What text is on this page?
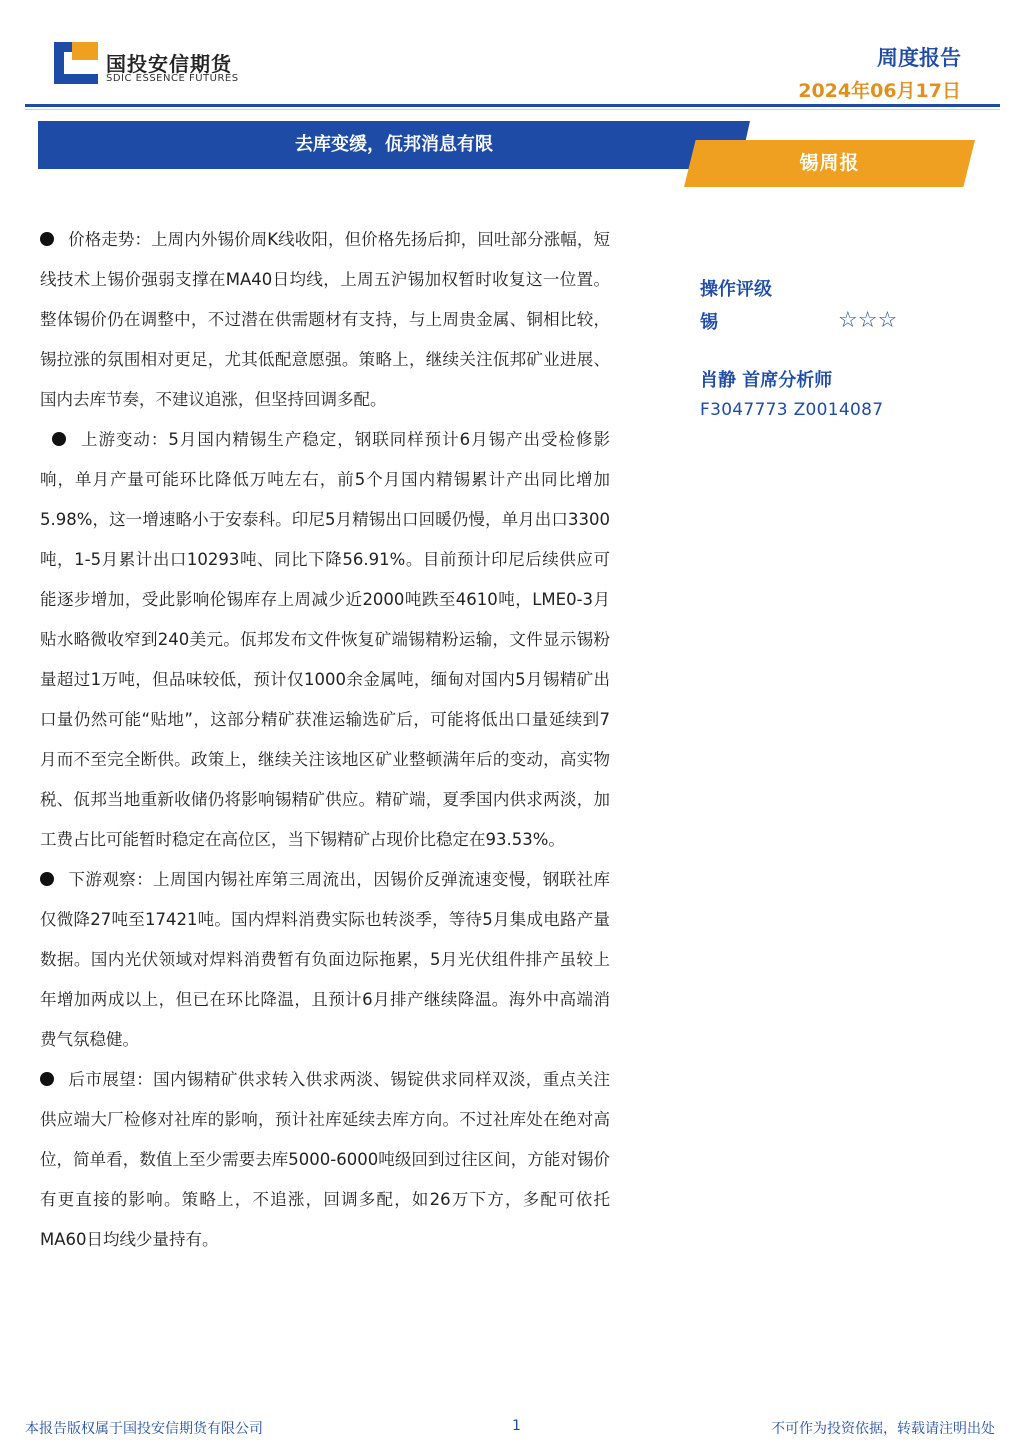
国投安信期货
SDIC ESSENCE FUTURES
周度报告
2024年06月17日
去库变缓，佤邦消息有限
锡周报

价格走势：上周内外锡价周K线收阳，但价格先扬后抑，回吐部分涨幅，短线技术上锡价强弱支撑在MA40日均线，上周五沪锡加权暂时收复这一位置。整体锡价仍在调整中，不过潜在供需题材有支持，与上周贵金属、铜相比较，锡拉涨的氛围相对更足，尤其低配意愿强。策略上，继续关注佤邦矿业进展、国内去库节奏，不建议追涨，但坚持回调多配。

上游变动：5月国内精锡生产稳定，钢联同样预计6月锡产出受检修影响，单月产量可能环比降低万吨左右，前5个月国内精锡累计产出同比增加5.98%，这一增速略小于安泰科。印尼5月精锡出口回暖仍慢，单月出口3300吨，1-5月累计出口10293吨、同比下降56.91%。目前预计印尼后续供应可能逐步增加，受此影响伦锡库存上周减少近2000吨跌至4610吨，LME0-3月贴水略微收窄到240美元。佤邦发布文件恢复矿端锡精粉运输，文件显示锡粉量超过1万吨，但品味较低，预计仅1000余金属吨，缅甸对国内5月锡精矿出口量仍然可能“贴地”，这部分精矿获准运输选矿后，可能将低出口量延续到7月而不至完全断供。政策上，继续关注该地区矿业整顿满年后的变动，高实物税、佤邦当地重新收储仍将影响锡精矿供应。精矿端，夏季国内供求两淡，加工费占比可能暂时稳定在高位区，当下锡精矿占现价比稳定在93.53%。

下游观察：上周国内锡社库第三周流出，因锡价反弹流速变慢，钢联社库仅微降27吨至17421吨。国内焊料消费实际也转淡季，等待5月集成电路产量数据。国内光伏领域对焊料消费暂有负面边际拖累，5月光伏组件排产虽较上年增加两成以上，但已在环比降温，且预计6月排产继续降温。海外中高端消费气氛稳健。

后市展望：国内锡精矿供求转入供求两淡、锡锭供求同样双淡，重点关注供应端大厂检修对社库的影响，预计社库延续去库方向。不过社库处在绝对高位，简单看，数值上至少需要去库5000-6000吨级回到过往区间，方能对锡价有更直接的影响。策略上，不追涨，回调多配，如26万下方，多配可依托MA60日均线少量持有。

操作评级
锡	☆☆☆
肖静 首席分析师
F3047773 Z0014087
本报告版权属于国投安信期货有限公司	1	不可作为投资依据，转载请注明出处
